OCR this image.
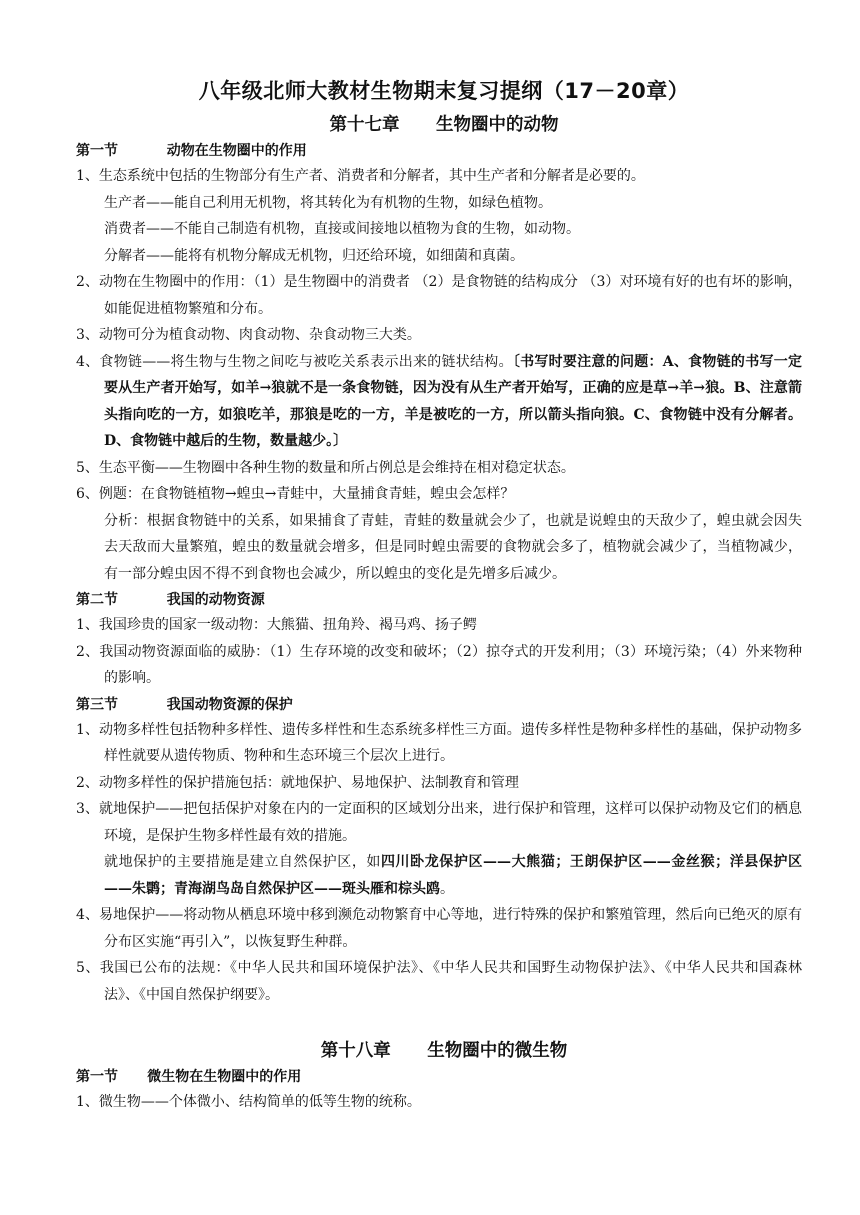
八年级北师大教材生物期末复习提纲（17－20章）
第十七章      生物圈中的动物
第一节          动物在生物圈中的作用

1、生态系统中包括的生物部分有生产者、消费者和分解者，其中生产者和分解者是必要的。

生产者——能自己利用无机物，将其转化为有机物的生物，如绿色植物。

消费者——不能自己制造有机物，直接或间接地以植物为食的生物，如动物。

分解者——能将有机物分解成无机物，归还给环境，如细菌和真菌。

2、动物在生物圈中的作用：（1）是生物圈中的消费者 （2）是食物链的结构成分 （3）对环境有好的也有坏的影响，如能促进植物繁殖和分布。

3、动物可分为植食动物、肉食动物、杂食动物三大类。

4、食物链——将生物与生物之间吃与被吃关系表示出来的链状结构。〔书写时要注意的问题：A、食物链的书写一定要从生产者开始写，如羊→狼就不是一条食物链，因为没有从生产者开始写，正确的应是草→羊→狼。B、注意箭头指向吃的一方，如狼吃羊，那狼是吃的一方，羊是被吃的一方，所以箭头指向狼。C、食物链中没有分解者。D、食物链中越后的生物，数量越少。〕

5、生态平衡——生物圈中各种生物的数量和所占例总是会维持在相对稳定状态。

6、例题：在食物链植物→蝗虫→青蛙中，大量捕食青蛙，蝗虫会怎样？

分析：根据食物链中的关系，如果捕食了青蛙，青蛙的数量就会少了，也就是说蝗虫的天敌少了，蝗虫就会因失去天敌而大量繁殖，蝗虫的数量就会增多，但是同时蝗虫需要的食物就会多了，植物就会减少了，当植物减少，有一部分蝗虫因不得不到食物也会减少，所以蝗虫的变化是先增多后减少。

第二节          我国的动物资源

1、我国珍贵的国家一级动物：大熊猫、扭角羚、褐马鸡、扬子鳄

2、我国动物资源面临的威胁：（1）生存环境的改变和破坏；（2）掠夺式的开发利用；（3）环境污染；（4）外来物种的影响。

第三节          我国动物资源的保护

1、动物多样性包括物种多样性、遗传多样性和生态系统多样性三方面。遗传多样性是物种多样性的基础，保护动物多样性就要从遗传物质、物种和生态环境三个层次上进行。

2、动物多样性的保护措施包括：就地保护、易地保护、法制教育和管理

3、就地保护——把包括保护对象在内的一定面积的区域划分出来，进行保护和管理，这样可以保护动物及它们的栖息环境，是保护生物多样性最有效的措施。

就地保护的主要措施是建立自然保护区，如四川卧龙保护区——大熊猫；王朗保护区——金丝猴；洋县保护区——朱鹮；青海湖鸟岛自然保护区——斑头雁和棕头鸥。

4、易地保护——将动物从栖息环境中移到濒危动物繁育中心等地，进行特殊的保护和繁殖管理，然后向已绝灭的原有分布区实施“再引入”，以恢复野生种群。

5、我国已公布的法规：《中华人民共和国环境保护法》、《中华人民共和国野生动物保护法》、《中华人民共和国森林法》、《中国自然保护纲要》。

第十八章      生物圈中的微生物
第一节      微生物在生物圈中的作用

1、微生物——个体微小、结构简单的低等生物的统称。
